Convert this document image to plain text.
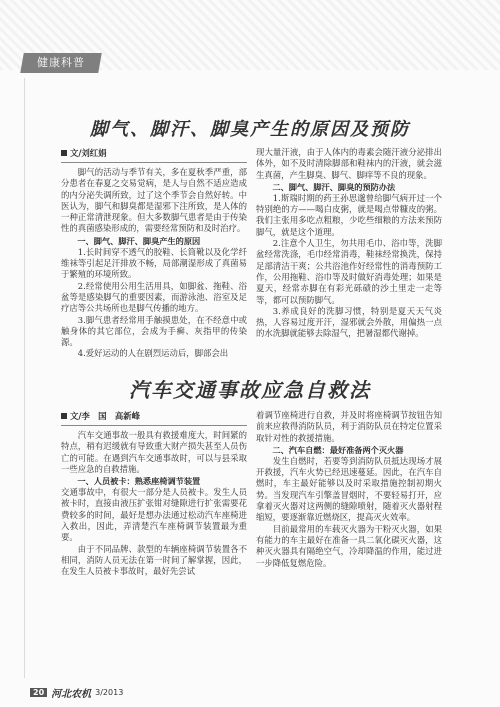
健康科普
脚气、脚汗、脚臭产生的原因及预防
文/刘红娟

脚气的活动与季节有关，多在夏秋季严重，部分患者在春夏之交易觉病，是人与自然不适应造成的内分泌失调所致，过了这个季节会自然好转。中医认为，脚气和脚臭都是湿邪下注所致，是人体的一种正常清泄现象。但大多数脚气患者是由于传染性的真菌感染形成的，需要经常预防和及时治疗。

一、脚气、脚汗、脚臭产生的原因

1.长时间穿不透气的胶鞋、长筒靴以及化学纤维袜等引起足汗排放不畅，局部潮湿形成了真菌易于繁殖的环境所致。

2.经常使用公用生活用具，如脚盆、拖鞋、浴盆等是感染脚气的重要因素，而游泳池、浴室及足疗店等公共场所也是脚气传播的地方。

3.脚气患者经常用手触摸患处，在不经意中或触身体的其它部位，会成为手癣、灰指甲的传染源。

4.爱好运动的人在剧烈运动后，脚部会出

现大量汗液，由于人体内的毒素会随汗液分泌排出体外，如不及时清除脚部和鞋袜内的汗液，就会滋生真菌，产生脚臭、脚气、脚痒等不良的现象。

二、脚气、脚汗、脚臭的预防办法

1.斯瑞时期的药王孙思邈曾给脚气病开过一个特别绝的方——喝白皮粥，就是喝点带糠皮的粥。我们主张用多吃点粗粮，少吃些细粮的方法来预防脚气，就是这个道理。

2.注意个人卫生，勿共用毛巾、浴巾等，洗脚盆经常洗涤，毛巾经常消毒，鞋袜经常换洗，保持足部清洁干爽；公共浴池作好经常性的消毒预防工作，公用拖鞋、浴巾等及时做好消毒处理；如果是夏天，经常赤脚在有彩光砾碛的沙土里走一走等等，都可以预防脚气。

3.养成良好的洗脚习惯，特别是夏天天气炎热，人容易过度开汗，湿邪就会外散，用偏热一点的水洗脚就能够去除湿气，把暑湿都代谢掉。

汽车交通事故应急自救法
文/李　国　高新峰

汽车交通事故一般具有救援难度大，时间紧的特点，稍有迟缓就有导致重大财产损失甚至人员伤亡的可能。在遇到汽车交通事故时，可以与县采取一些应急的自救措施。

一、人员被卡：熟悉座椅调节装置

交通事故中，有很大一部分是人员被卡。发生人员被卡时，直接由液压扩张钳对缝隙进行扩张需要花费较多的时间，最好是想办法通过松动汽车座椅进入救出，因此，弄清楚汽车座椅调节装置最为重要。

由于不同品牌、款型的车辆座椅调节装置各不相同，消防人员无法在第一时间了解掌握，因此，在发生人员被卡事故时，最好先尝试

着调节座椅进行自救，并及时将座椅调节按钮告知前来应救得消防队员，利于消防队员在特定位置采取针对性的救援措施。

二、汽车自燃：最好准备两个灭火器

发生自燃时，若要等到消防队员抵达现场才展开救援，汽车火势已经迅速蔓延。因此，在汽车自燃时，车主最好能够以及时采取措施控制初期火势。当发现汽车引擎盖冒烟时，不要轻易打开，应拿着灭火器对这两侧的缝隙喷射，随着灭火器射程缩短，要逐渐靠近燃烧区，提高灭火效率。

目前最常用的车载灭火器为干粉灭火器，如果有能力的车主最好在准备一具二氧化碳灭火器，这种灭火器具有隔绝空气，冷却降温的作用，能过进一步降低复燃危险。

20 河北农机 3/2013
